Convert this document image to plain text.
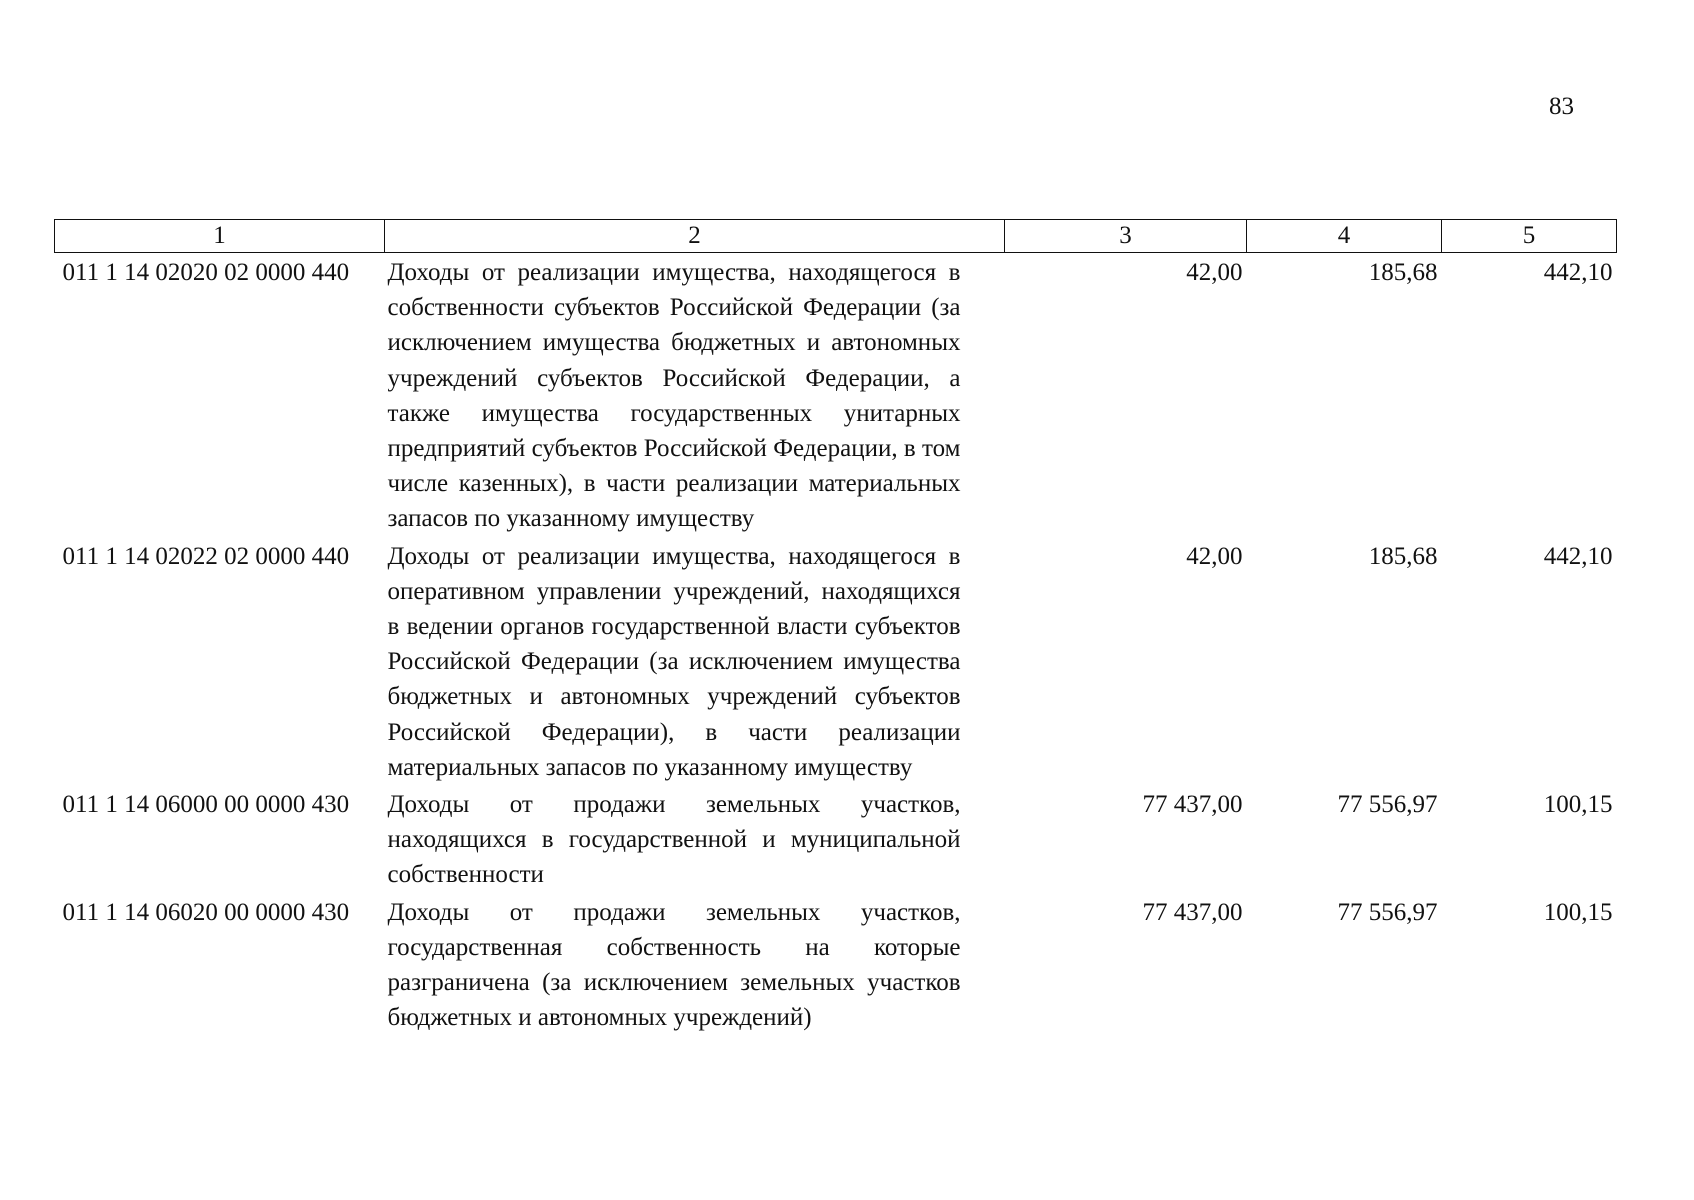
83
1	2	3	4	5
011 1 14 02020 02 0000 440	Доходы от реализации имущества, находящегося в собственности субъектов Российской Федерации (за исключением имущества бюджетных и автономных учреждений субъектов Российской Федерации, а также имущества государственных унитарных предприятий субъектов Российской Федерации, в том числе казенных), в части реализации материальных запасов по указанному имуществу	42,00	185,68	442,10
011 1 14 02022 02 0000 440	Доходы от реализации имущества, находящегося в оперативном управлении учреждений, находящихся в ведении органов государственной власти субъектов Российской Федерации (за исключением имущества бюджетных и автономных учреждений субъектов Российской Федерации), в части реализации материальных запасов по указанному имуществу	42,00	185,68	442,10
011 1 14 06000 00 0000 430	Доходы от продажи земельных участков, находящихся в государственной и муниципальной собственности	77 437,00	77 556,97	100,15
011 1 14 06020 00 0000 430	Доходы от продажи земельных участков, государственная собственность на которые разграничена (за исключением земельных участков бюджетных и автономных учреждений)	77 437,00	77 556,97	100,15
